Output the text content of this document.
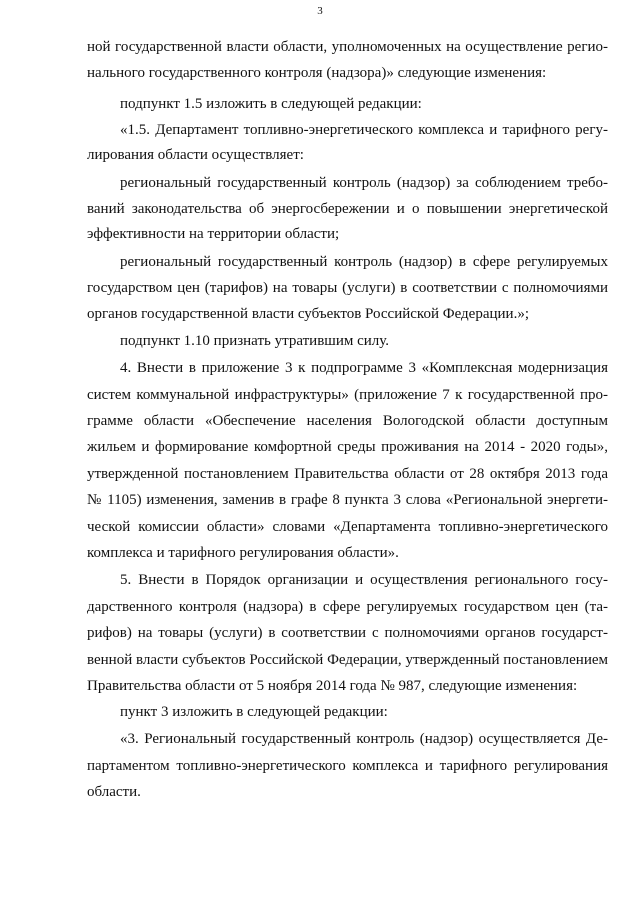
3
ной государственной власти области, уполномоченных на осуществление регио-
нального государственного контроля (надзора)» следующие изменения:
подпункт 1.5 изложить в следующей редакции:
«1.5. Департамент топливно-энергетического комплекса и тарифного регу-
лирования области осуществляет:
региональный государственный контроль (надзор) за соблюдением требо-
ваний законодательства об энергосбережении и о повышении энергетической
эффективности на территории области;
региональный государственный контроль (надзор) в сфере регулируемых
государством цен (тарифов) на товары (услуги) в соответствии с полномочиями
органов государственной власти субъектов Российской Федерации.»;
подпункт 1.10 признать утратившим силу.
4. Внести в приложение 3 к подпрограмме 3 «Комплексная модернизация
систем коммунальной инфраструктуры» (приложение 7 к государственной про-
грамме области «Обеспечение населения Вологодской области доступным
жильем и формирование комфортной среды проживания на 2014 - 2020 годы»,
утвержденной постановлением Правительства области от 28 октября 2013 года
№ 1105) изменения, заменив в графе 8 пункта 3 слова «Региональной энергети-
ческой комиссии области» словами «Департамента топливно-энергетического
комплекса и тарифного регулирования области».
5. Внести в Порядок организации и осуществления регионального госу-
дарственного контроля (надзора) в сфере регулируемых государством цен (та-
рифов) на товары (услуги) в соответствии с полномочиями органов государст-
венной власти субъектов Российской Федерации, утвержденный постановлением
Правительства области от 5 ноября 2014 года № 987, следующие изменения:
пункт 3 изложить в следующей редакции:
«3. Региональный государственный контроль (надзор) осуществляется Де-
партаментом топливно-энергетического комплекса и тарифного регулирования
области.
